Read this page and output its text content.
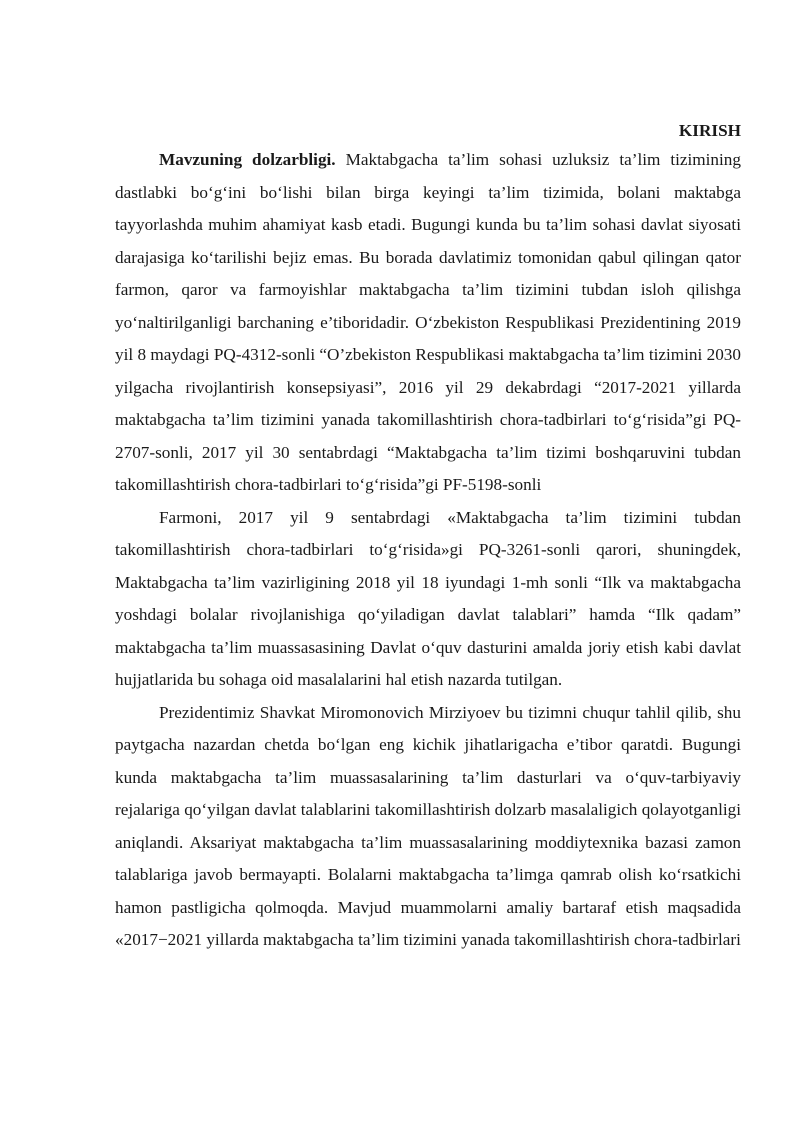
KIRISH

Mavzuning dolzarbligi. Maktabgacha ta’lim sohasi uzluksiz ta’lim tizimining dastlabki bo‘g‘ini bo‘lishi bilan birga keyingi ta’lim tizimida, bolani maktabga tayyorlashda muhim ahamiyat kasb etadi. Bugungi kunda bu ta’lim sohasi davlat siyosati darajasiga ko‘tarilishi bejiz emas. Bu borada davlatimiz tomonidan qabul qilingan qator farmon, qaror va farmoyishlar maktabgacha ta’lim tizimini tubdan isloh qilishga yo‘naltirilganligi barchaning e’tiboridadir. O‘zbekiston Respublikasi Prezidentining 2019 yil 8 maydagi PQ-4312-sonli “O’zbekiston Respublikasi maktabgacha ta’lim tizimini 2030 yilgacha rivojlantirish konsepsiyasi”, 2016 yil 29 dekabrdagi “2017-2021 yillarda maktabgacha ta’lim tizimini yanada takomillashtirish chora-tadbirlari to‘g‘risida”gi PQ-2707-sonli, 2017 yil 30 sentabrdagi “Maktabgacha ta’lim tizimi boshqaruvini tubdan takomillashtirish chora-tadbirlari to‘g‘risida”gi PF-5198-sonli

Farmoni, 2017 yil 9 sentabrdagi «Maktabgacha ta’lim tizimini tubdan takomillashtirish chora-tadbirlari to‘g‘risida»gi PQ-3261-sonli qarori, shuningdek, Maktabgacha ta’lim vazirligining 2018 yil 18 iyundagi 1-mh sonli “Ilk va maktabgacha yoshdagi bolalar rivojlanishiga qo‘yiladigan davlat talablari” hamda “Ilk qadam” maktabgacha ta’lim muassasasining Davlat o‘quv dasturini amalda joriy etish kabi davlat hujjatlarida bu sohaga oid masalalarini hal etish nazarda tutilgan.

Prezidentimiz Shavkat Miromonovich Mirziyoev bu tizimni chuqur tahlil qilib, shu paytgacha nazardan chetda bo‘lgan eng kichik jihatlarigacha e’tibor qaratdi. Bugungi kunda maktabgacha ta’lim muassasalarining ta’lim dasturlari va o‘quv-tarbiyaviy rejalariga qo‘yilgan davlat talablarini takomillashtirish dolzarb masalaligich qolayotganligi aniqlandi. Aksariyat maktabgacha ta’lim muassasalarining moddiytexnika bazasi zamon talablariga javob bermayapti. Bolalarni maktabgacha ta’limga qamrab olish ko‘rsatkichi hamon pastligicha qolmoqda. Mavjud muammolarni amaliy bartaraf etish maqsadida «2017−2021 yillarda maktabgacha ta’lim tizimini yanada takomillashtirish chora-tadbirlari
